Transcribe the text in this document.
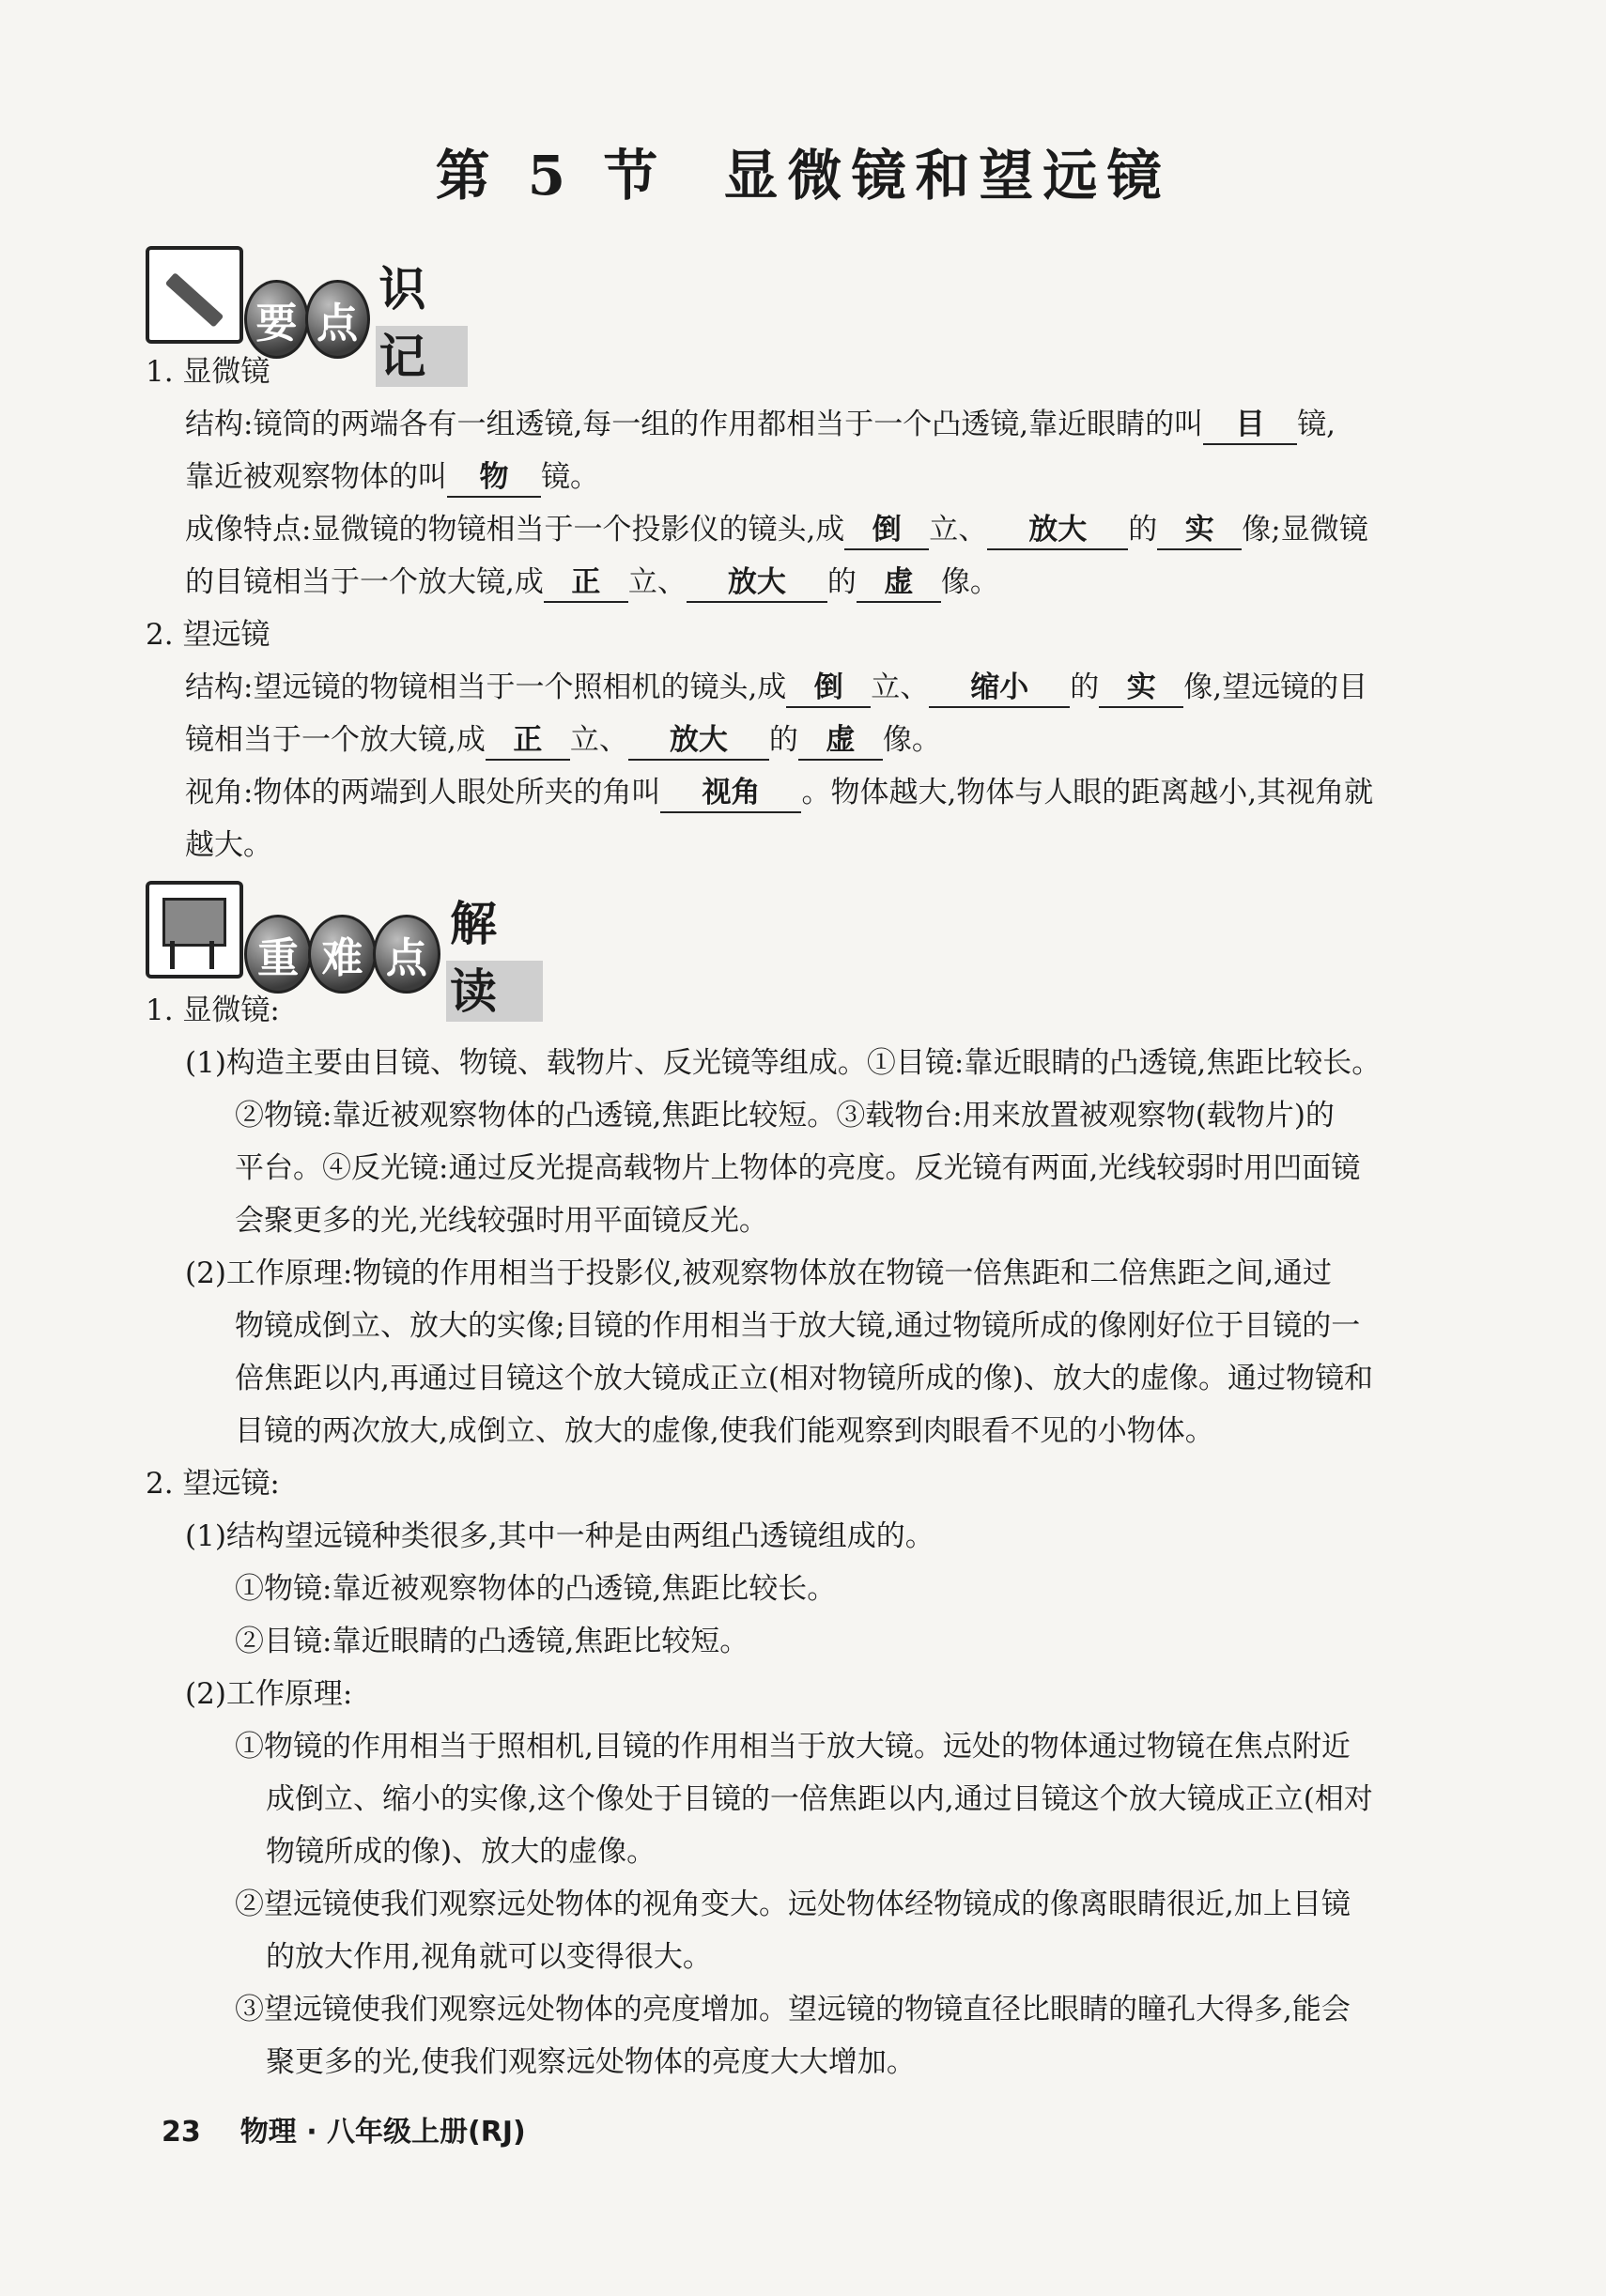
第 5 节 显微镜和望远镜
要 点
识记

1. 显微镜

结构:镜筒的两端各有一组透镜,每一组的作用都相当于一个凸透镜,靠近眼睛的叫 目 镜,
靠近被观察物体的叫 物 镜。

成像特点:显微镜的物镜相当于一个投影仪的镜头,成 倒 立、 放大 的 实 像;显微镜
的目镜相当于一个放大镜,成 正 立、 放大 的 虚 像。

2. 望远镜

结构:望远镜的物镜相当于一个照相机的镜头,成 倒 立、 缩小 的 实 像,望远镜的目
镜相当于一个放大镜,成 正 立、 放大 的 虚 像。

视角:物体的两端到人眼处所夹的角叫 视角 。物体越大,物体与人眼的距离越小,其视角就
越大。

重 难 点
解读

1. 显微镜:

(1)构造主要由目镜、物镜、载物片、反光镜等组成。①目镜:靠近眼睛的凸透镜,焦距比较长。

②物镜:靠近被观察物体的凸透镜,焦距比较短。③载物台:用来放置被观察物(载物片)的

平台。④反光镜:通过反光提高载物片上物体的亮度。反光镜有两面,光线较弱时用凹面镜

会聚更多的光,光线较强时用平面镜反光。

(2)工作原理:物镜的作用相当于投影仪,被观察物体放在物镜一倍焦距和二倍焦距之间,通过

物镜成倒立、放大的实像;目镜的作用相当于放大镜,通过物镜所成的像刚好位于目镜的一

倍焦距以内,再通过目镜这个放大镜成正立(相对物镜所成的像)、放大的虚像。通过物镜和

目镜的两次放大,成倒立、放大的虚像,使我们能观察到肉眼看不见的小物体。

2. 望远镜:

(1)结构望远镜种类很多,其中一种是由两组凸透镜组成的。

①物镜:靠近被观察物体的凸透镜,焦距比较长。

②目镜:靠近眼睛的凸透镜,焦距比较短。

(2)工作原理:

①物镜的作用相当于照相机,目镜的作用相当于放大镜。远处的物体通过物镜在焦点附近

成倒立、缩小的实像,这个像处于目镜的一倍焦距以内,通过目镜这个放大镜成正立(相对

物镜所成的像)、放大的虚像。

②望远镜使我们观察远处物体的视角变大。远处物体经物镜成的像离眼睛很近,加上目镜

的放大作用,视角就可以变得很大。

③望远镜使我们观察远处物体的亮度增加。望远镜的物镜直径比眼睛的瞳孔大得多,能会

聚更多的光,使我们观察远处物体的亮度大大增加。

23 物理 · 八年级上册(RJ)
